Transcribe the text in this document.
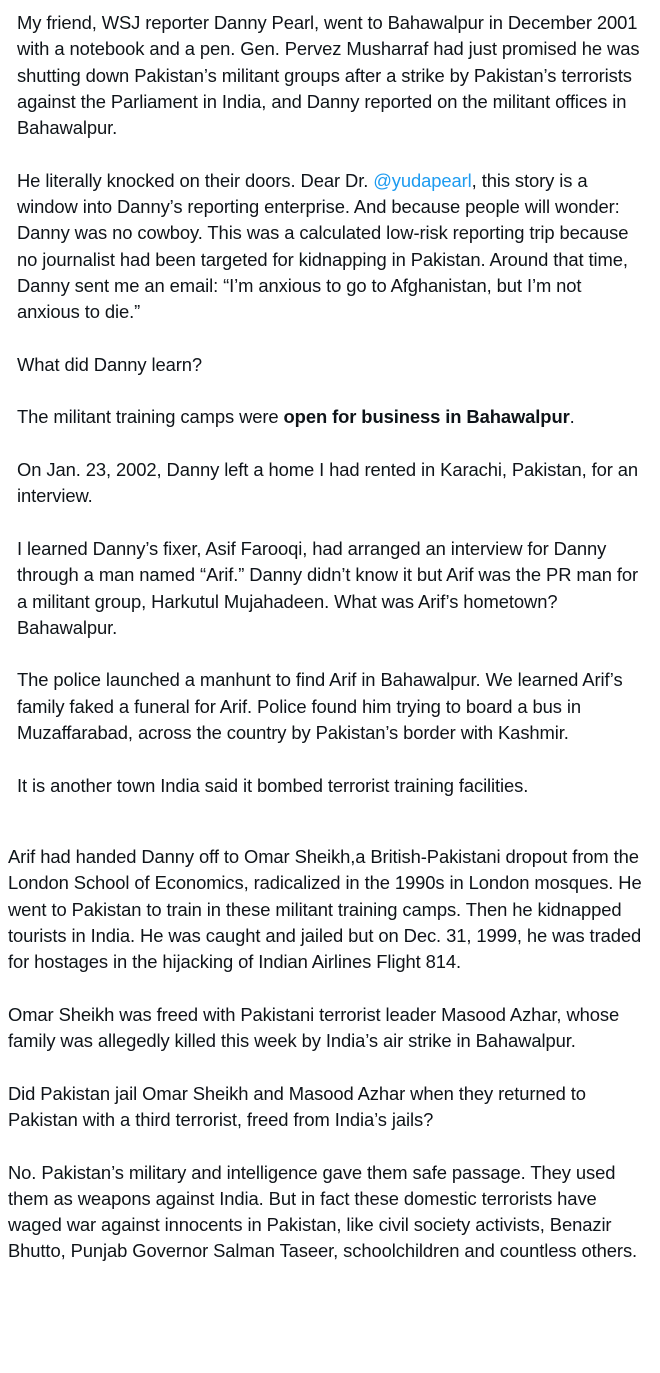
My friend, WSJ reporter Danny Pearl, went to Bahawalpur in December 2001 with a notebook and a pen. Gen. Pervez Musharraf had just promised he was shutting down Pakistan’s militant groups after a strike by Pakistan’s terrorists against the Parliament in India, and Danny reported on the militant offices in Bahawalpur.

He literally knocked on their doors. Dear Dr. @yudapearl, this story is a window into Danny’s reporting enterprise. And because people will wonder: Danny was no cowboy. This was a calculated low-risk reporting trip because no journalist had been targeted for kidnapping in Pakistan. Around that time, Danny sent me an email: “I’m anxious to go to Afghanistan, but I’m not anxious to die.”

What did Danny learn?

The militant training camps were open for business in Bahawalpur.

On Jan. 23, 2002, Danny left a home I had rented in Karachi, Pakistan, for an interview.

I learned Danny’s fixer, Asif Farooqi, had arranged an interview for Danny through a man named “Arif.” Danny didn’t know it but Arif was the PR man for a militant group, Harkutul Mujahadeen. What was Arif’s hometown? Bahawalpur.

The police launched a manhunt to find Arif in Bahawalpur. We learned Arif’s family faked a funeral for Arif. Police found him trying to board a bus in Muzaffarabad, across the country by Pakistan’s border with Kashmir.

It is another town India said it bombed terrorist training facilities.

Arif had handed Danny off to Omar Sheikh,a British-Pakistani dropout from the London School of Economics, radicalized in the 1990s in London mosques. He went to Pakistan to train in these militant training camps. Then he kidnapped tourists in India. He was caught and jailed but on Dec. 31, 1999, he was traded for hostages in the hijacking of Indian Airlines Flight 814.

Omar Sheikh was freed with Pakistani terrorist leader Masood Azhar, whose family was allegedly killed this week by India’s air strike in Bahawalpur.

Did Pakistan jail Omar Sheikh and Masood Azhar when they returned to Pakistan with a third terrorist, freed from India’s jails?

No. Pakistan’s military and intelligence gave them safe passage. They used them as weapons against India. But in fact these domestic terrorists have waged war against innocents in Pakistan, like civil society activists, Benazir Bhutto, Punjab Governor Salman Taseer, schoolchildren and countless others.
